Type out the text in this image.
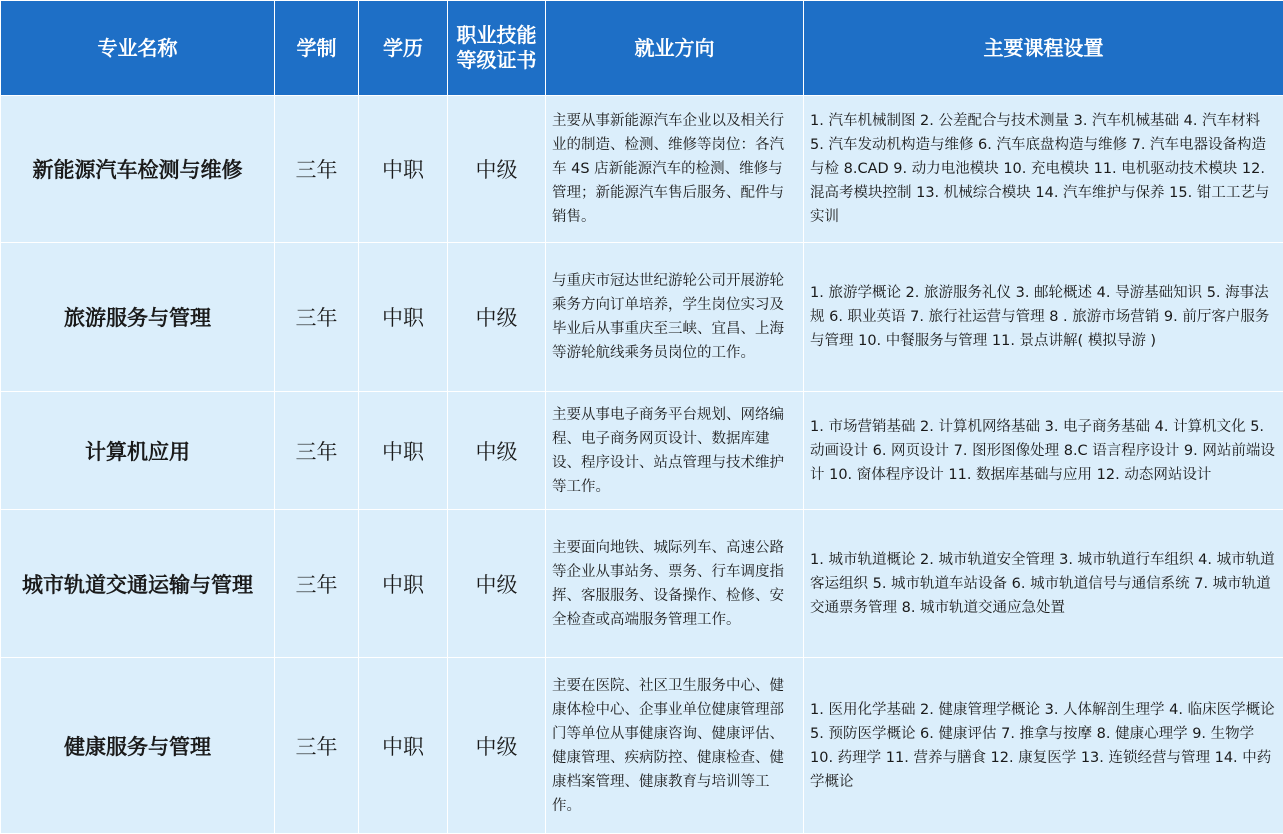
专业名称	学制	学历	职业技能等级证书	就业方向	主要课程设置
新能源汽车检测与维修	三年	中职	中级	主要从事新能源汽车企业以及相关行业的制造、检测、维修等岗位：各汽车 4S 店新能源汽车的检测、维修与管理；新能源汽车售后服务、配件与销售。	1. 汽车机械制图 2. 公差配合与技术测量 3. 汽车机械基础 4. 汽车材料 5. 汽车发动机构造与维修 6. 汽车底盘构造与维修 7. 汽车电器设备构造与检 8.CAD 9. 动力电池模块 10. 充电模块 11. 电机驱动技术模块 12. 混高考模块控制 13. 机械综合模块 14. 汽车维护与保养 15. 钳工工艺与实训
旅游服务与管理	三年	中职	中级	与重庆市冠达世纪游轮公司开展游轮乘务方向订单培养，学生岗位实习及毕业后从事重庆至三峡、宜昌、上海等游轮航线乘务员岗位的工作。	1. 旅游学概论 2. 旅游服务礼仪 3. 邮轮概述 4. 导游基础知识 5. 海事法规 6. 职业英语 7. 旅行社运营与管理 8 . 旅游市场营销 9. 前厅客户服务与管理 10. 中餐服务与管理 11. 景点讲解( 模拟导游 )
计算机应用	三年	中职	中级	主要从事电子商务平台规划、网络编程、电子商务网页设计、数据库建设、程序设计、站点管理与技术维护等工作。	1. 市场营销基础 2. 计算机网络基础 3. 电子商务基础 4. 计算机文化 5. 动画设计 6. 网页设计 7. 图形图像处理 8.C 语言程序设计 9. 网站前端设计 10. 窗体程序设计 11. 数据库基础与应用 12. 动态网站设计
城市轨道交通运输与管理	三年	中职	中级	主要面向地铁、城际列车、高速公路等企业从事站务、票务、行车调度指挥、客服服务、设备操作、检修、安全检查或高端服务管理工作。	1. 城市轨道概论 2. 城市轨道安全管理 3. 城市轨道行车组织 4. 城市轨道客运组织 5. 城市轨道车站设备 6. 城市轨道信号与通信系统 7. 城市轨道交通票务管理 8. 城市轨道交通应急处置
健康服务与管理	三年	中职	中级	主要在医院、社区卫生服务中心、健康体检中心、企事业单位健康管理部门等单位从事健康咨询、健康评估、健康管理、疾病防控、健康检查、健康档案管理、健康教育与培训等工作。	1. 医用化学基础 2. 健康管理学概论 3. 人体解剖生理学 4. 临床医学概论 5. 预防医学概论 6. 健康评估 7. 推拿与按摩 8. 健康心理学 9. 生物学 10. 药理学 11. 营养与膳食 12. 康复医学 13. 连锁经营与管理 14. 中药学概论
